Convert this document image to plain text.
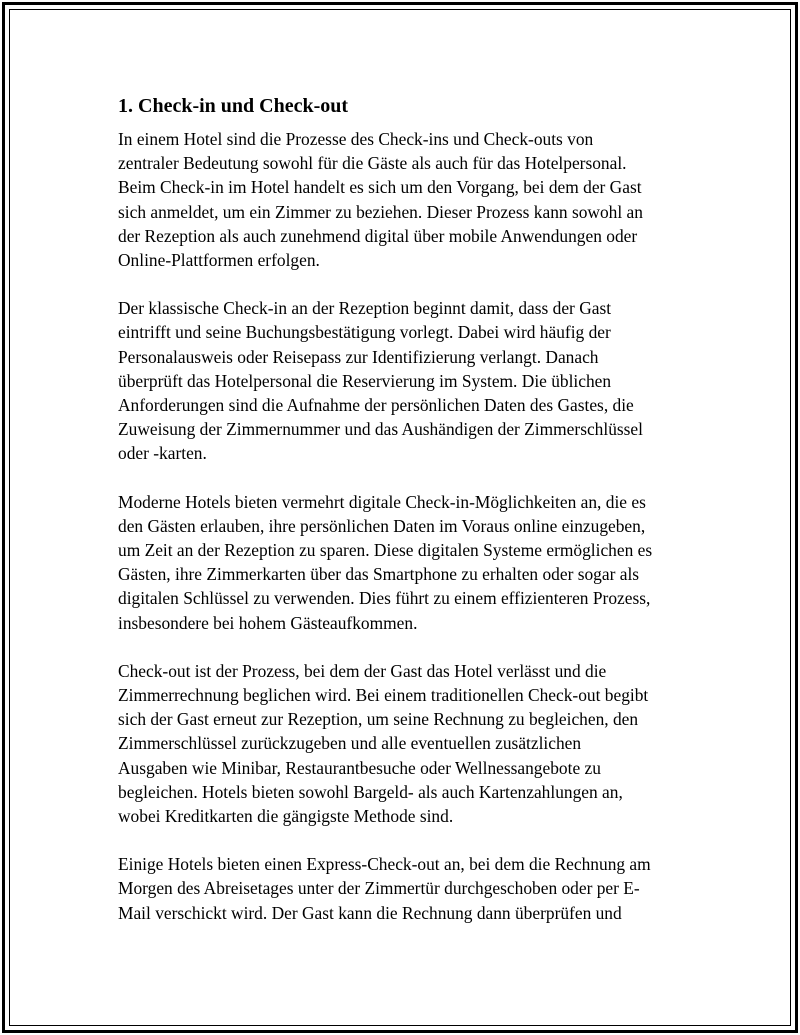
1. Check-in und Check-out

In einem Hotel sind die Prozesse des Check-ins und Check-outs von
zentraler Bedeutung sowohl für die Gäste als auch für das Hotelpersonal.
Beim Check-in im Hotel handelt es sich um den Vorgang, bei dem der Gast
sich anmeldet, um ein Zimmer zu beziehen. Dieser Prozess kann sowohl an
der Rezeption als auch zunehmend digital über mobile Anwendungen oder
Online-Plattformen erfolgen.

Der klassische Check-in an der Rezeption beginnt damit, dass der Gast
eintrifft und seine Buchungsbestätigung vorlegt. Dabei wird häufig der
Personalausweis oder Reisepass zur Identifizierung verlangt. Danach
überprüft das Hotelpersonal die Reservierung im System. Die üblichen
Anforderungen sind die Aufnahme der persönlichen Daten des Gastes, die
Zuweisung der Zimmernummer und das Aushändigen der Zimmerschlüssel
oder -karten.

Moderne Hotels bieten vermehrt digitale Check-in-Möglichkeiten an, die es
den Gästen erlauben, ihre persönlichen Daten im Voraus online einzugeben,
um Zeit an der Rezeption zu sparen. Diese digitalen Systeme ermöglichen es
Gästen, ihre Zimmerkarten über das Smartphone zu erhalten oder sogar als
digitalen Schlüssel zu verwenden. Dies führt zu einem effizienteren Prozess,
insbesondere bei hohem Gästeaufkommen.

Check-out ist der Prozess, bei dem der Gast das Hotel verlässt und die
Zimmerrechnung beglichen wird. Bei einem traditionellen Check-out begibt
sich der Gast erneut zur Rezeption, um seine Rechnung zu begleichen, den
Zimmerschlüssel zurückzugeben und alle eventuellen zusätzlichen
Ausgaben wie Minibar, Restaurantbesuche oder Wellnessangebote zu
begleichen. Hotels bieten sowohl Bargeld- als auch Kartenzahlungen an,
wobei Kreditkarten die gängigste Methode sind.

Einige Hotels bieten einen Express-Check-out an, bei dem die Rechnung am
Morgen des Abreisetages unter der Zimmertür durchgeschoben oder per E-
Mail verschickt wird. Der Gast kann die Rechnung dann überprüfen und
